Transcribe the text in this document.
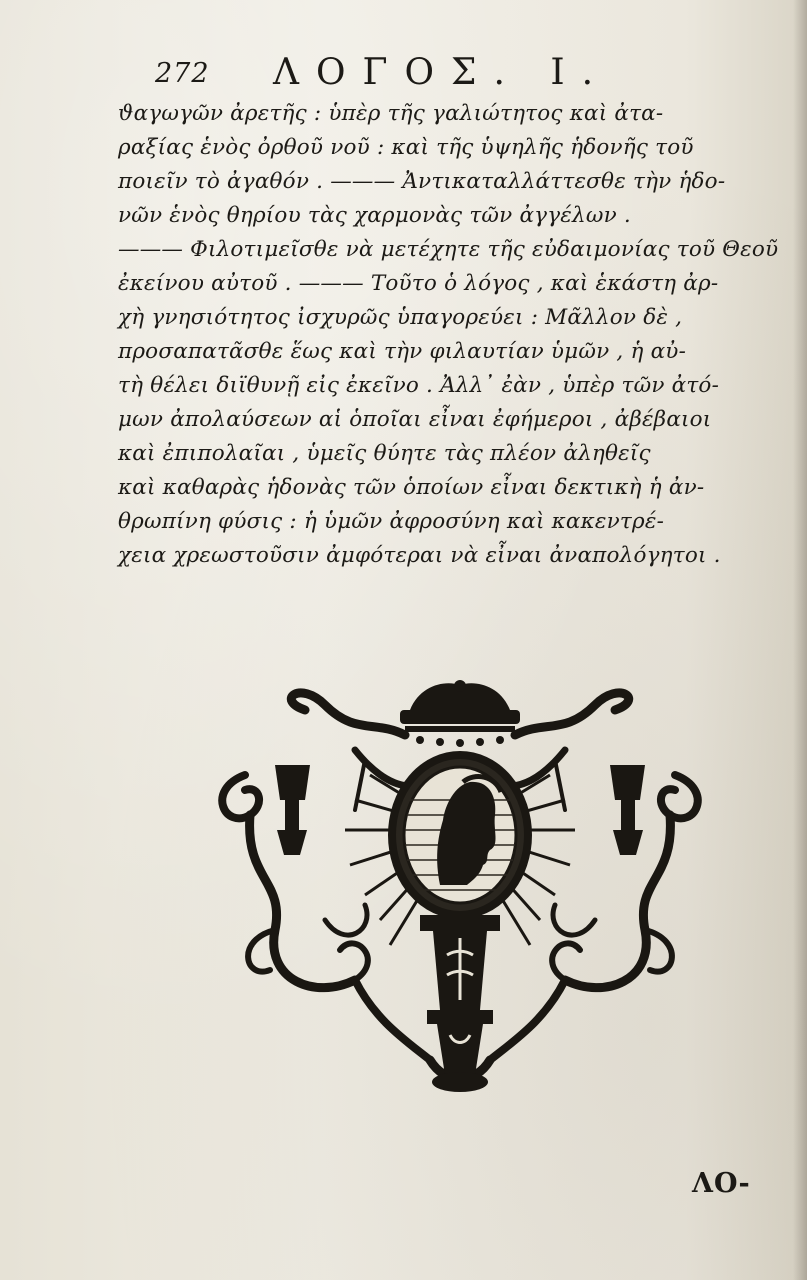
272 ΛΟΓΟΣ. Ι.
ϑαγωγῶν ἀρετῆς : ὑπὲρ τῆς γαλιώτητος καὶ ἀτα-
ραξίας ἑνὸς ὀρθοῦ νοῦ : καὶ τῆς ὑψηλῆς ἡδονῆς τοῦ
ποιεῖν τὸ ἀγαθόν . ——— Ἀντικαταλλάττεσθε τὴν ἡδο-
νῶν ἑνὸς θηρίου τὰς χαρμονὰς τῶν ἀγγέλων .
——— Φιλοτιμεῖσθε νὰ μετέχητε τῆς εὐδαιμονίας τοῦ Θεοῦ
ἐκείνου αὐτοῦ . ——— Τοῦτο ὁ λόγος , καὶ ἑκάστη ἀρ-
χὴ γνησιότητος ἰσχυρῶς ὑπαγορεύει : Μᾶλλον δὲ ,
προσαπατᾶσθε ἕως καὶ τὴν φιλαυτίαν ὑμῶν , ἡ αὐ-
τὴ θέλει διϊθυνῇ εἰς ἐκεῖνο . Ἀλλ᾽ ἐὰν , ὑπὲρ τῶν ἀτό-
μων ἀπολαύσεων αἱ ὁποῖαι εἶναι ἐφήμεροι , ἀβέβαιοι
καὶ ἐπιπολαῖαι , ὑμεῖς θύητε τὰς πλέον ἀληθεῖς
καὶ καθαρὰς ἡδονὰς τῶν ὁποίων εἶναι δεκτικὴ ἡ ἀν-
θρωπίνη φύσις : ἡ ὑμῶν ἀφροσύνη καὶ κακεντρέ-
χεια χρεωστοῦσιν ἀμφότεραι νὰ εἶναι ἀναπολόγητοι .
ΛΟ-
